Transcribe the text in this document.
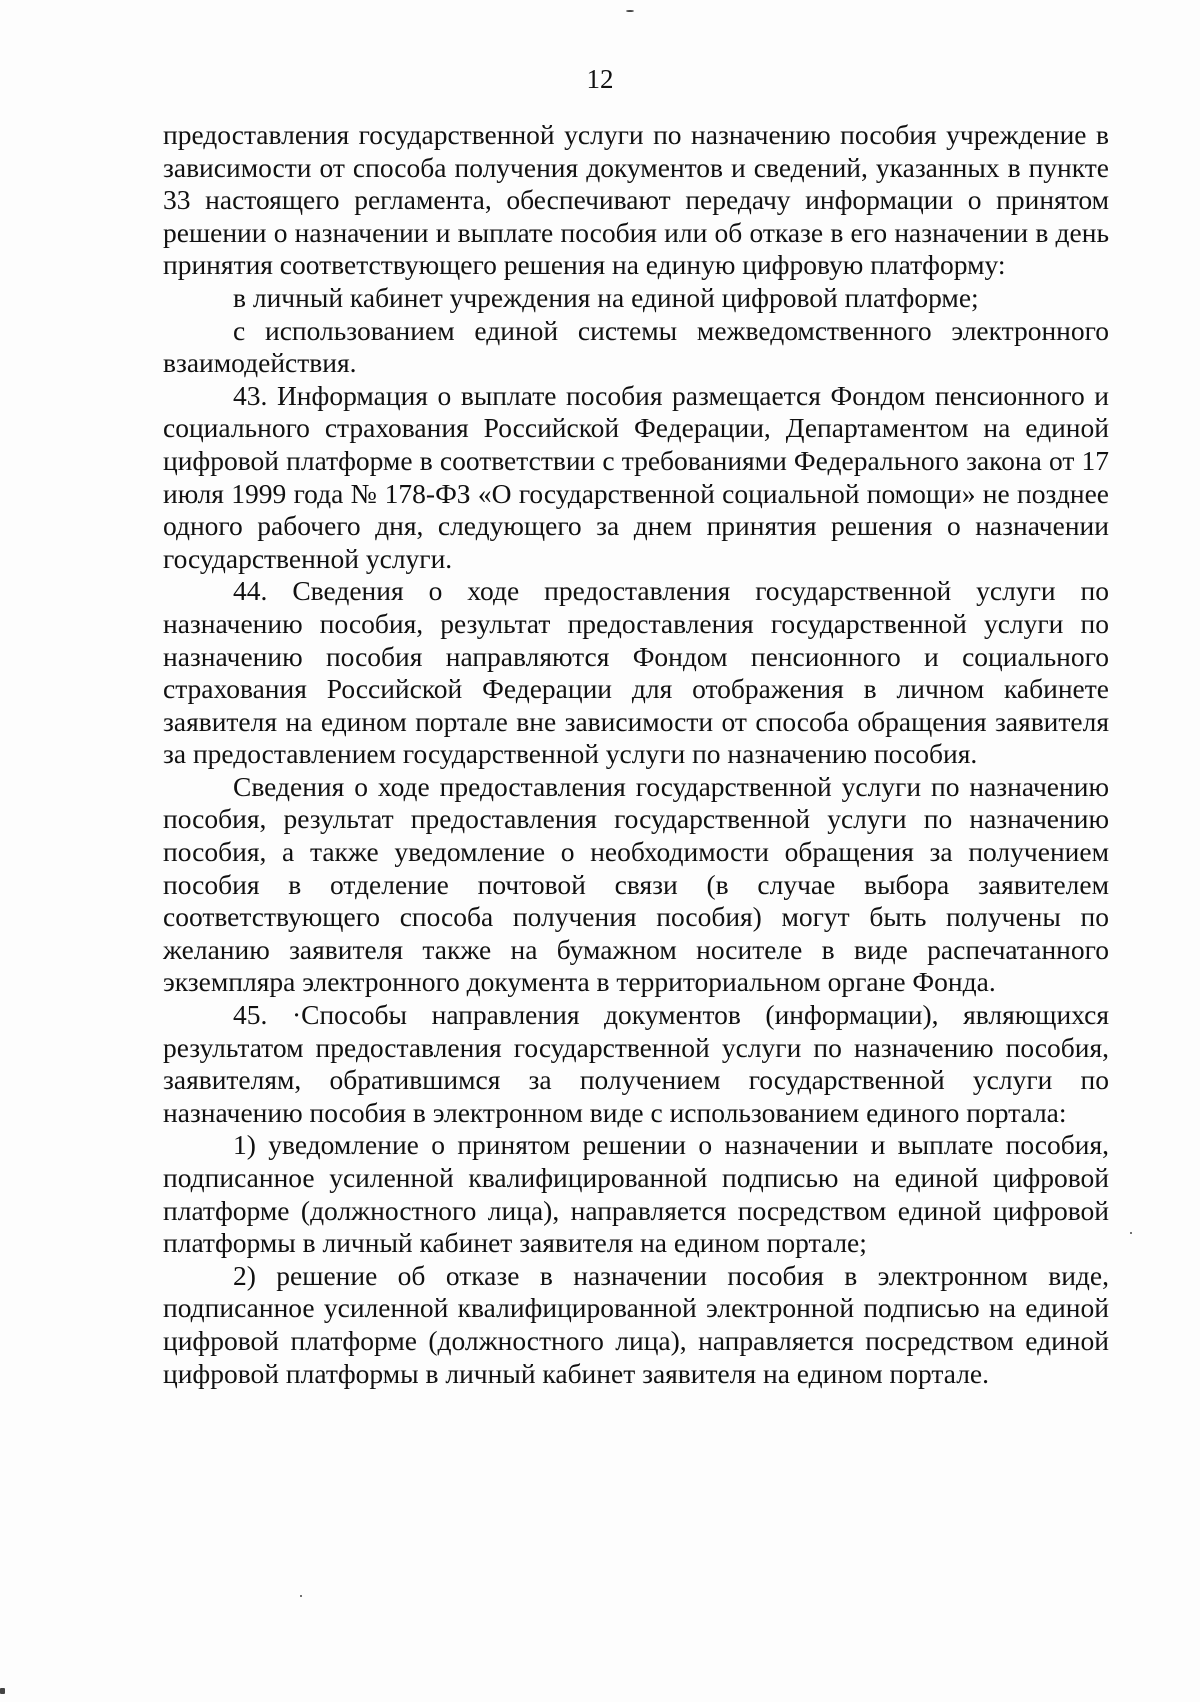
12

предоставления государственной услуги по назначению пособия учреждение в зависимости от способа получения документов и сведений, указанных в пункте 33 настоящего регламента, обеспечивают передачу информации о принятом решении о назначении и выплате пособия или об отказе в его назначении в день принятия соответствующего решения на единую цифровую платформу:

в личный кабинет учреждения на единой цифровой платформе;

с использованием единой системы межведомственного электронного взаимодействия.

43. Информация о выплате пособия размещается Фондом пенсионного и социального страхования Российской Федерации, Департаментом на единой цифровой платформе в соответствии с требованиями Федерального закона от 17 июля 1999 года № 178-ФЗ «О государственной социальной помощи» не позднее одного рабочего дня, следующего за днем принятия решения о назначении государственной услуги.

44. Сведения о ходе предоставления государственной услуги по назначению пособия, результат предоставления государственной услуги по назначению пособия направляются Фондом пенсионного и социального страхования Российской Федерации для отображения в личном кабинете заявителя на едином портале вне зависимости от способа обращения заявителя за предоставлением государственной услуги по назначению пособия.

Сведения о ходе предоставления государственной услуги по назначению пособия, результат предоставления государственной услуги по назначению пособия, а также уведомление о необходимости обращения за получением пособия в отделение почтовой связи (в случае выбора заявителем соответствующего способа получения пособия) могут быть получены по желанию заявителя также на бумажном носителе в виде распечатанного экземпляра электронного документа в территориальном органе Фонда.

45. ·Способы направления документов (информации), являющихся результатом предоставления государственной услуги по назначению пособия, заявителям, обратившимся за получением государственной услуги по назначению пособия в электронном виде с использованием единого портала:

1) уведомление о принятом решении о назначении и выплате пособия, подписанное усиленной квалифицированной подписью на единой цифровой платформе (должностного лица), направляется посредством единой цифровой платформы в личный кабинет заявителя на едином портале;

2) решение об отказе в назначении пособия в электронном виде, подписанное усиленной квалифицированной электронной подписью на единой цифровой платформе (должностного лица), направляется посредством единой цифровой платформы в личный кабинет заявителя на едином портале.
